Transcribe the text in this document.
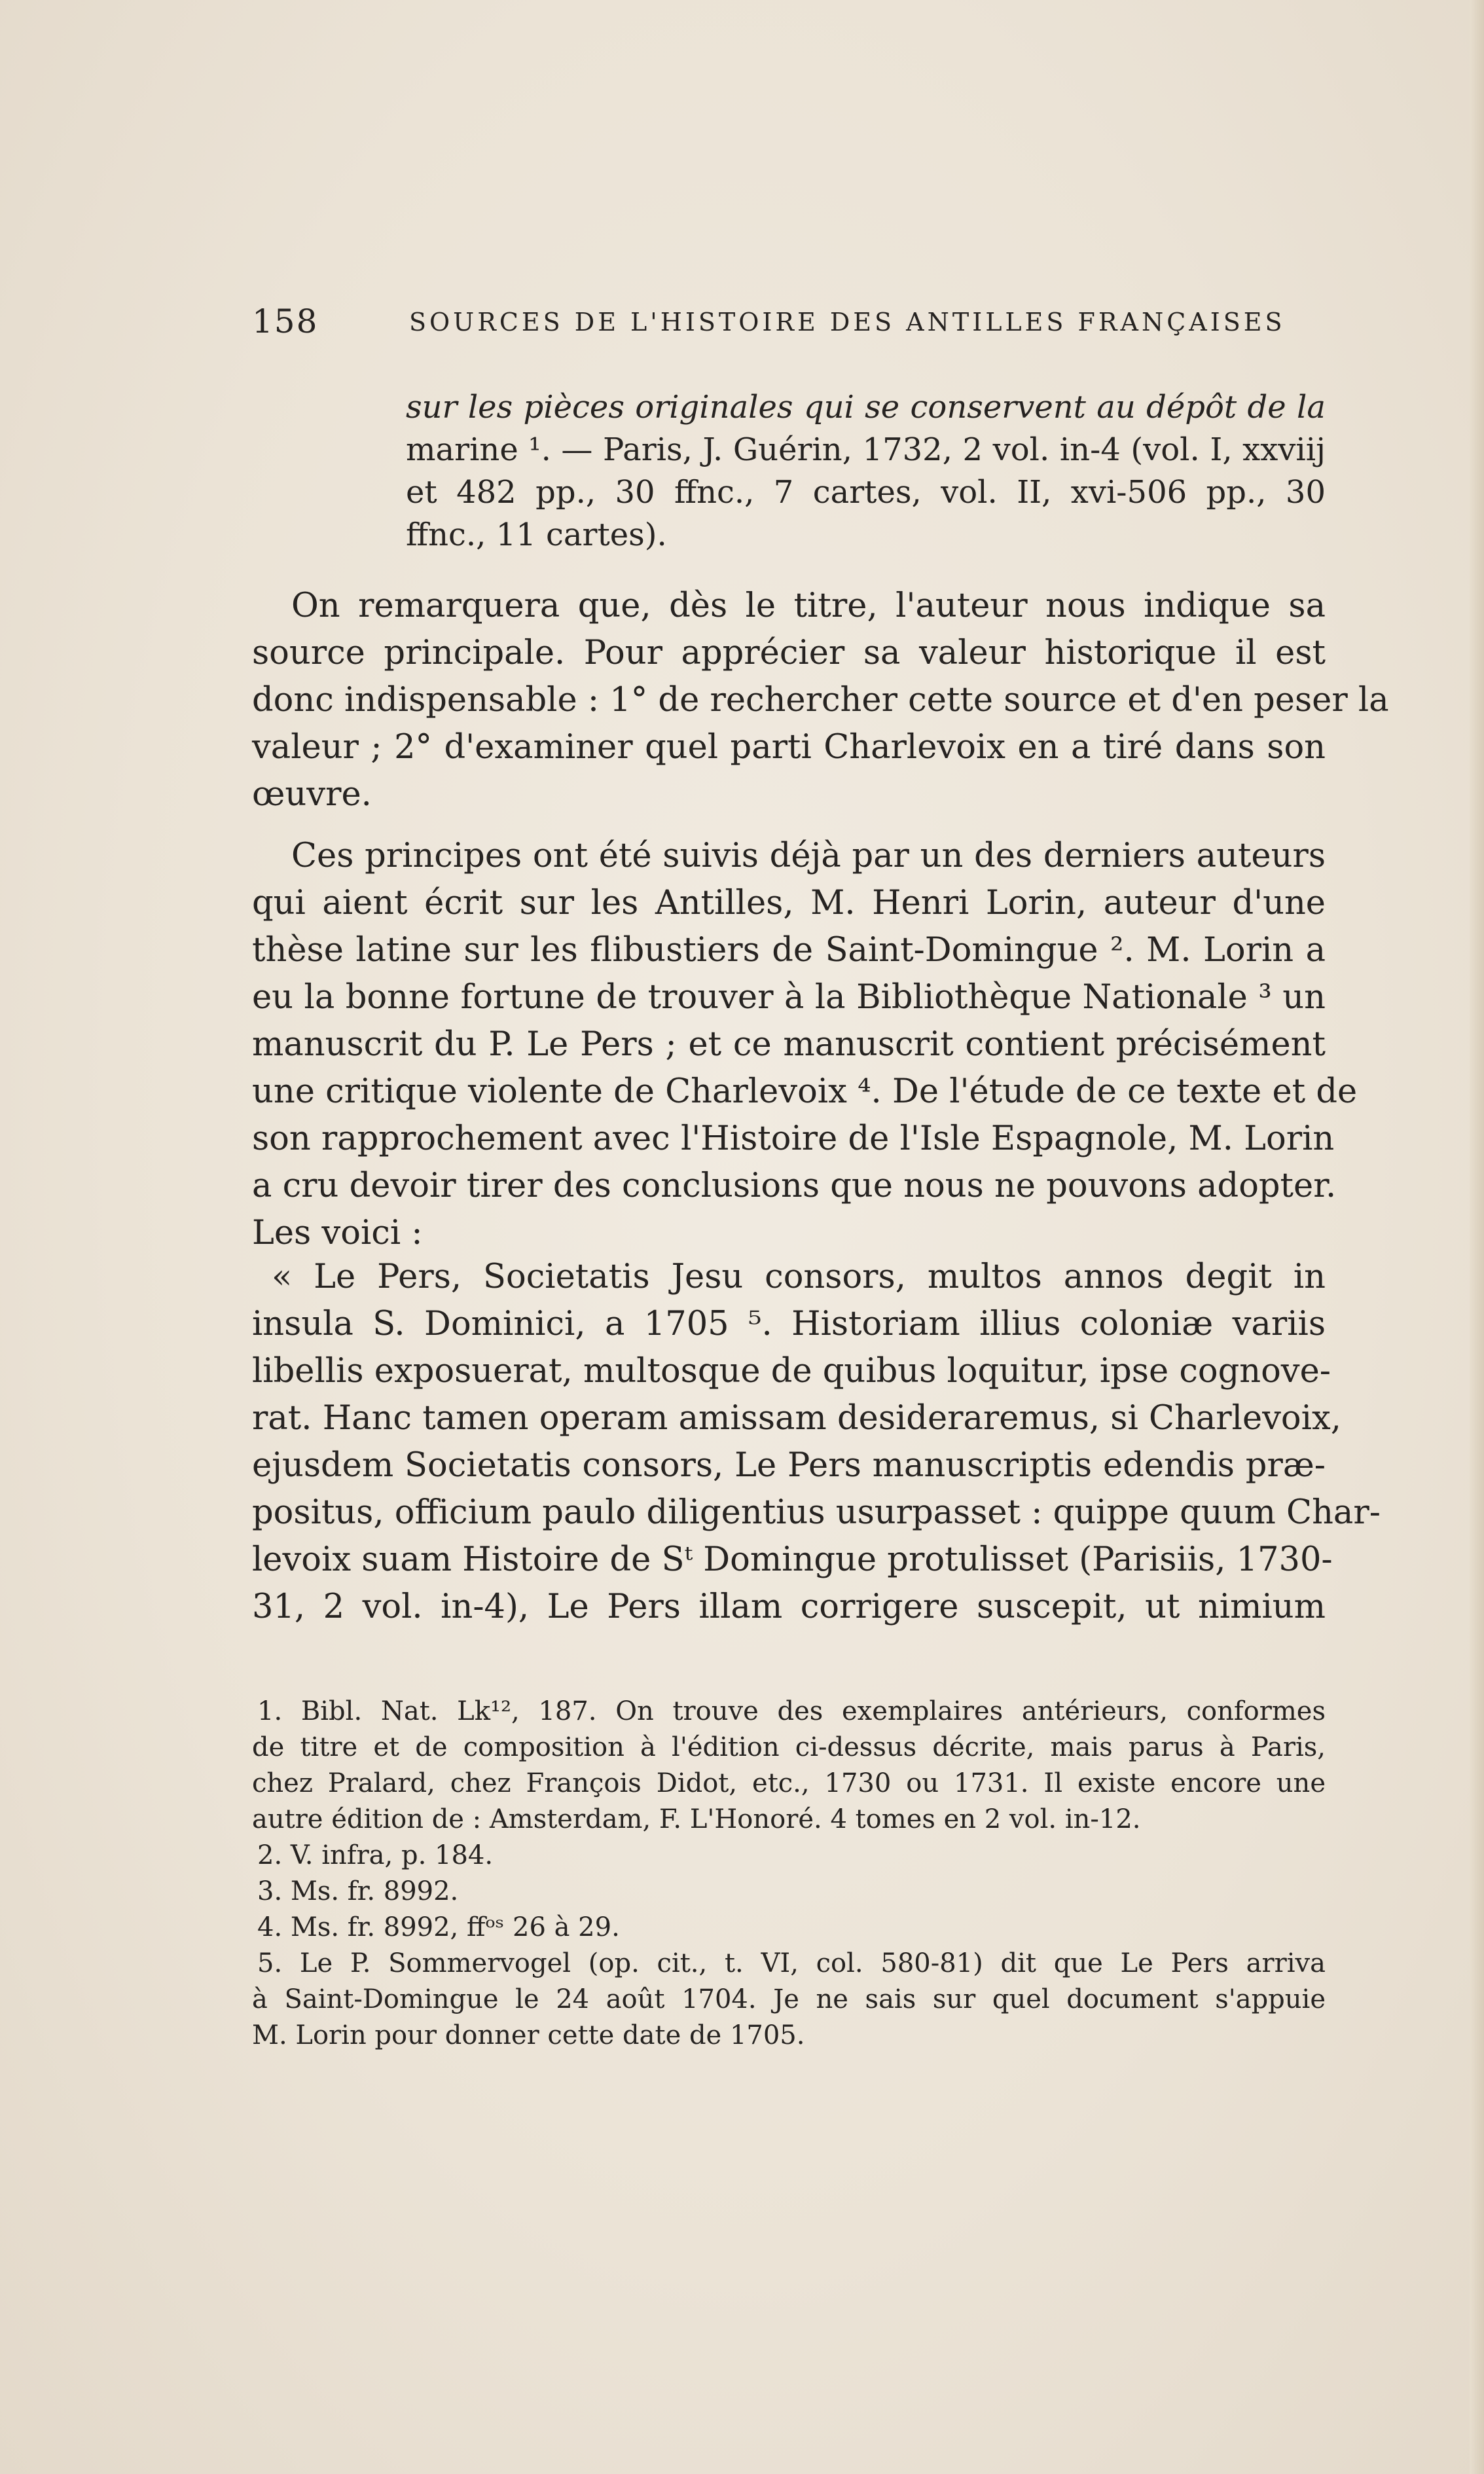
158	SOURCES DE L'HISTOIRE DES ANTILLES FRANÇAISES
sur les pièces originales qui se conservent au dépôt de la
marine ¹. — Paris, J. Guérin, 1732, 2 vol. in-4 (vol. I, xxviij
et 482 pp., 30 ffnc., 7 cartes, vol. II, xvi-506 pp., 30
ffnc., 11 cartes).
On remarquera que, dès le titre, l'auteur nous indique sa
source principale. Pour apprécier sa valeur historique il est
donc indispensable : 1° de rechercher cette source et d'en peser la
valeur ; 2° d'examiner quel parti Charlevoix en a tiré dans son
œuvre.
Ces principes ont été suivis déjà par un des derniers auteurs
qui aient écrit sur les Antilles, M. Henri Lorin, auteur d'une
thèse latine sur les flibustiers de Saint-Domingue ². M. Lorin a
eu la bonne fortune de trouver à la Bibliothèque Nationale ³ un
manuscrit du P. Le Pers ; et ce manuscrit contient précisément
une critique violente de Charlevoix ⁴. De l'étude de ce texte et de
son rapprochement avec l'Histoire de l'Isle Espagnole, M. Lorin
a cru devoir tirer des conclusions que nous ne pouvons adopter.
Les voici :
« Le Pers, Societatis Jesu consors, multos annos degit in
insula S. Dominici, a 1705 ⁵. Historiam illius coloniæ variis
libellis exposuerat, multosque de quibus loquitur, ipse cognove-
rat. Hanc tamen operam amissam desideraremus, si Charlevoix,
ejusdem Societatis consors, Le Pers manuscriptis edendis præ-
positus, officium paulo diligentius usurpasset : quippe quum Char-
levoix suam Histoire de Sᵗ Domingue protulisset (Parisiis, 1730-
31, 2 vol. in-4), Le Pers illam corrigere suscepit, ut nimium
1. Bibl. Nat. Lk¹², 187. On trouve des exemplaires antérieurs, conformes
de titre et de composition à l'édition ci-dessus décrite, mais parus à Paris,
chez Pralard, chez François Didot, etc., 1730 ou 1731. Il existe encore une
autre édition de : Amsterdam, F. L'Honoré. 4 tomes en 2 vol. in-12.
2. V. infra, p. 184.
3. Ms. fr. 8992.
4. Ms. fr. 8992, ffᵒˢ 26 à 29.
5. Le P. Sommervogel (op. cit., t. VI, col. 580-81) dit que Le Pers arriva
à Saint-Domingue le 24 août 1704. Je ne sais sur quel document s'appuie
M. Lorin pour donner cette date de 1705.
